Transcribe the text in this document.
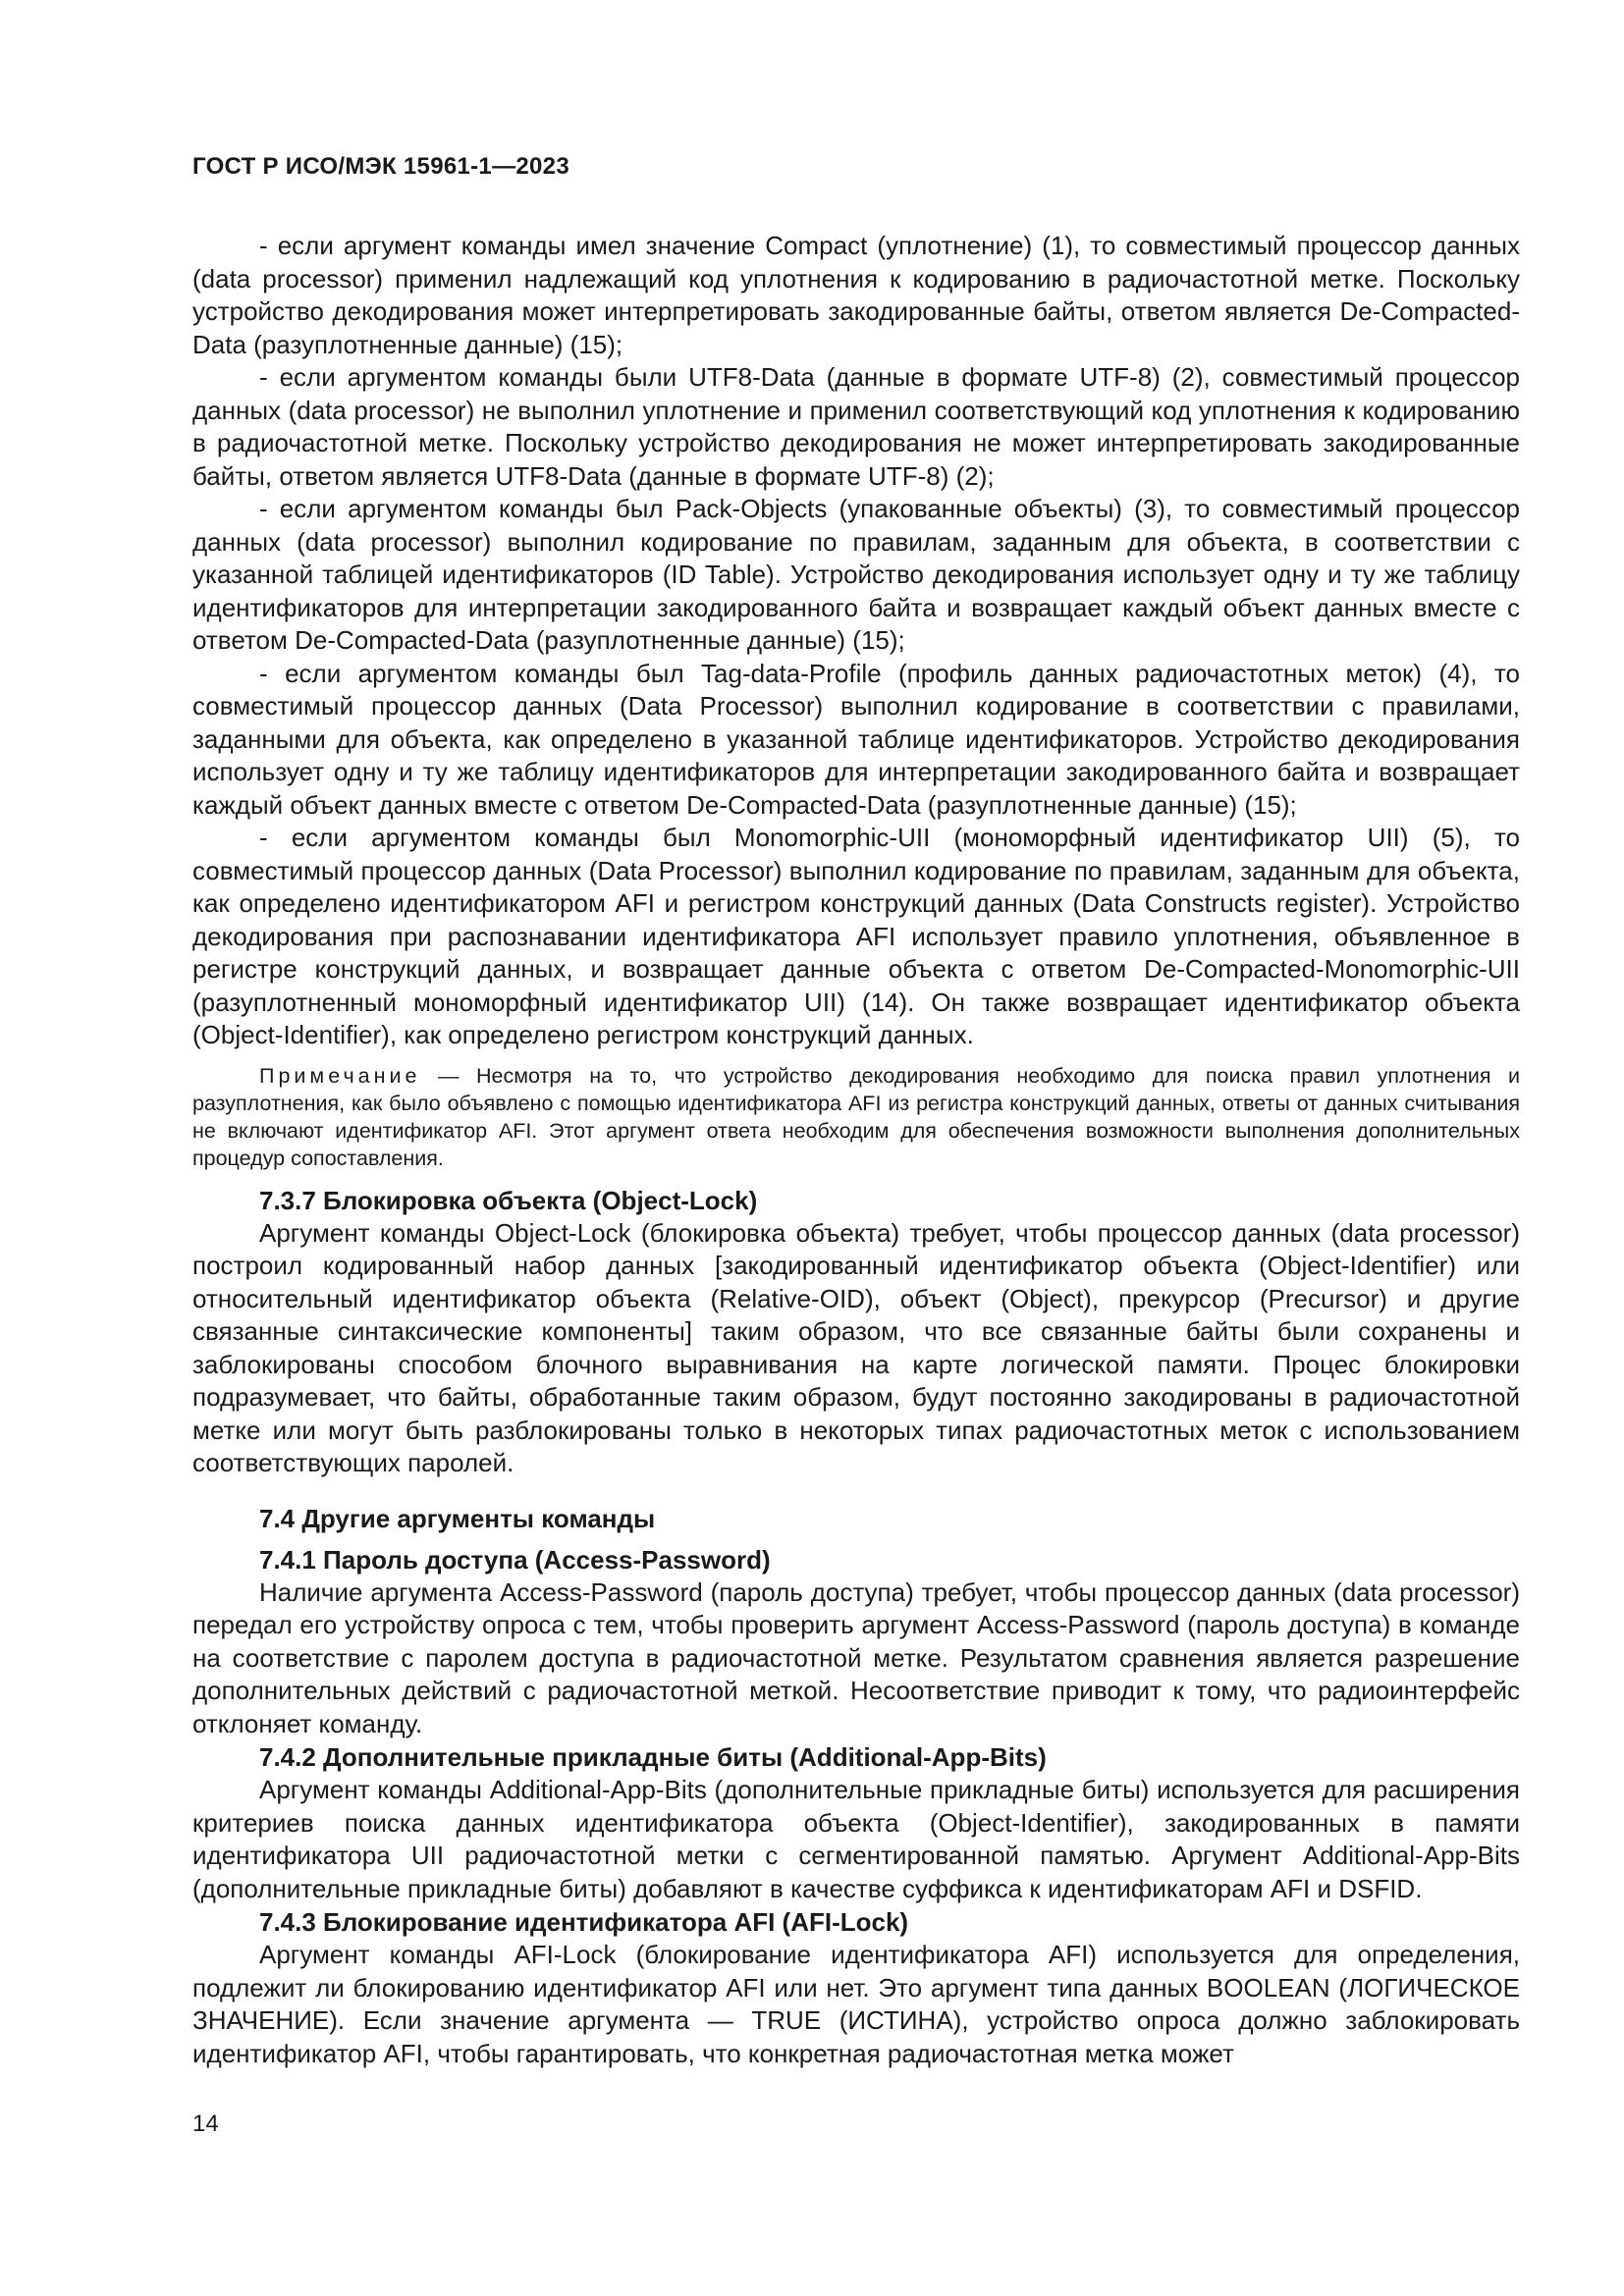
ГОСТ Р ИСО/МЭК 15961-1—2023

- если аргумент команды имел значение Compact (уплотнение) (1), то совместимый процессор данных (data processor) применил надлежащий код уплотнения к кодированию в радиочастотной метке. Поскольку устройство декодирования может интерпретировать закодированные байты, ответом является De-Compacted-Data (разуплотненные данные) (15);

- если аргументом команды были UTF8-Data (данные в формате UTF-8) (2), совместимый процессор данных (data processor) не выполнил уплотнение и применил соответствующий код уплотнения к кодированию в радиочастотной метке. Поскольку устройство декодирования не может интерпретировать закодированные байты, ответом является UTF8-Data (данные в формате UTF-8) (2);

- если аргументом команды был Pack-Objects (упакованные объекты) (3), то совместимый процессор данных (data processor) выполнил кодирование по правилам, заданным для объекта, в соответствии с указанной таблицей идентификаторов (ID Table). Устройство декодирования использует одну и ту же таблицу идентификаторов для интерпретации закодированного байта и возвращает каждый объект данных вместе с ответом De-Compacted-Data (разуплотненные данные) (15);

- если аргументом команды был Tag-data-Profile (профиль данных радиочастотных меток) (4), то совместимый процессор данных (Data Processor) выполнил кодирование в соответствии с правилами, заданными для объекта, как определено в указанной таблице идентификаторов. Устройство декодирования использует одну и ту же таблицу идентификаторов для интерпретации закодированного байта и возвращает каждый объект данных вместе с ответом De-Compacted-Data (разуплотненные данные) (15);

- если аргументом команды был Monomorphic-UII (мономорфный идентификатор UII) (5), то совместимый процессор данных (Data Processor) выполнил кодирование по правилам, заданным для объекта, как определено идентификатором AFI и регистром конструкций данных (Data Constructs register). Устройство декодирования при распознавании идентификатора AFI использует правило уплотнения, объявленное в регистре конструкций данных, и возвращает данные объекта с ответом De-Compacted-Monomorphic-UII (разуплотненный мономорфный идентификатор UII) (14). Он также возвращает идентификатор объекта (Object-Identifier), как определено регистром конструкций данных.

Примечание — Несмотря на то, что устройство декодирования необходимо для поиска правил уплотнения и разуплотнения, как было объявлено с помощью идентификатора AFI из регистра конструкций данных, ответы от данных считывания не включают идентификатор AFI. Этот аргумент ответа необходим для обеспечения возможности выполнения дополнительных процедур сопоставления.

7.3.7 Блокировка объекта (Object-Lock)

Аргумент команды Object-Lock (блокировка объекта) требует, чтобы процессор данных (data processor) построил кодированный набор данных [закодированный идентификатор объекта (Object-Identifier) или относительный идентификатор объекта (Relative-OID), объект (Object), прекурсор (Precursor) и другие связанные синтаксические компоненты] таким образом, что все связанные байты были сохранены и заблокированы способом блочного выравнивания на карте логической памяти. Процес блокировки подразумевает, что байты, обработанные таким образом, будут постоянно закодированы в радиочастотной метке или могут быть разблокированы только в некоторых типах радиочастотных меток с использованием соответствующих паролей.

7.4 Другие аргументы команды

7.4.1 Пароль доступа (Access-Password)

Наличие аргумента Access-Password (пароль доступа) требует, чтобы процессор данных (data processor) передал его устройству опроса с тем, чтобы проверить аргумент Access-Password (пароль доступа) в команде на соответствие с паролем доступа в радиочастотной метке. Результатом сравнения является разрешение дополнительных действий с радиочастотной меткой. Несоответствие приводит к тому, что радиоинтерфейс отклоняет команду.

7.4.2 Дополнительные прикладные биты (Additional-App-Bits)

Аргумент команды Additional-App-Bits (дополнительные прикладные биты) используется для расширения критериев поиска данных идентификатора объекта (Object-Identifier), закодированных в памяти идентификатора UII радиочастотной метки с сегментированной памятью. Аргумент Additional-App-Bits (дополнительные прикладные биты) добавляют в качестве суффикса к идентификаторам AFI и DSFID.

7.4.3 Блокирование идентификатора AFI (AFI-Lock)

Аргумент команды AFI-Lock (блокирование идентификатора AFI) используется для определения, подлежит ли блокированию идентификатор AFI или нет. Это аргумент типа данных BOOLEAN (ЛОГИЧЕСКОЕ ЗНАЧЕНИЕ). Если значение аргумента — TRUE (ИСТИНА), устройство опроса должно заблокировать идентификатор AFI, чтобы гарантировать, что конкретная радиочастотная метка может

14
